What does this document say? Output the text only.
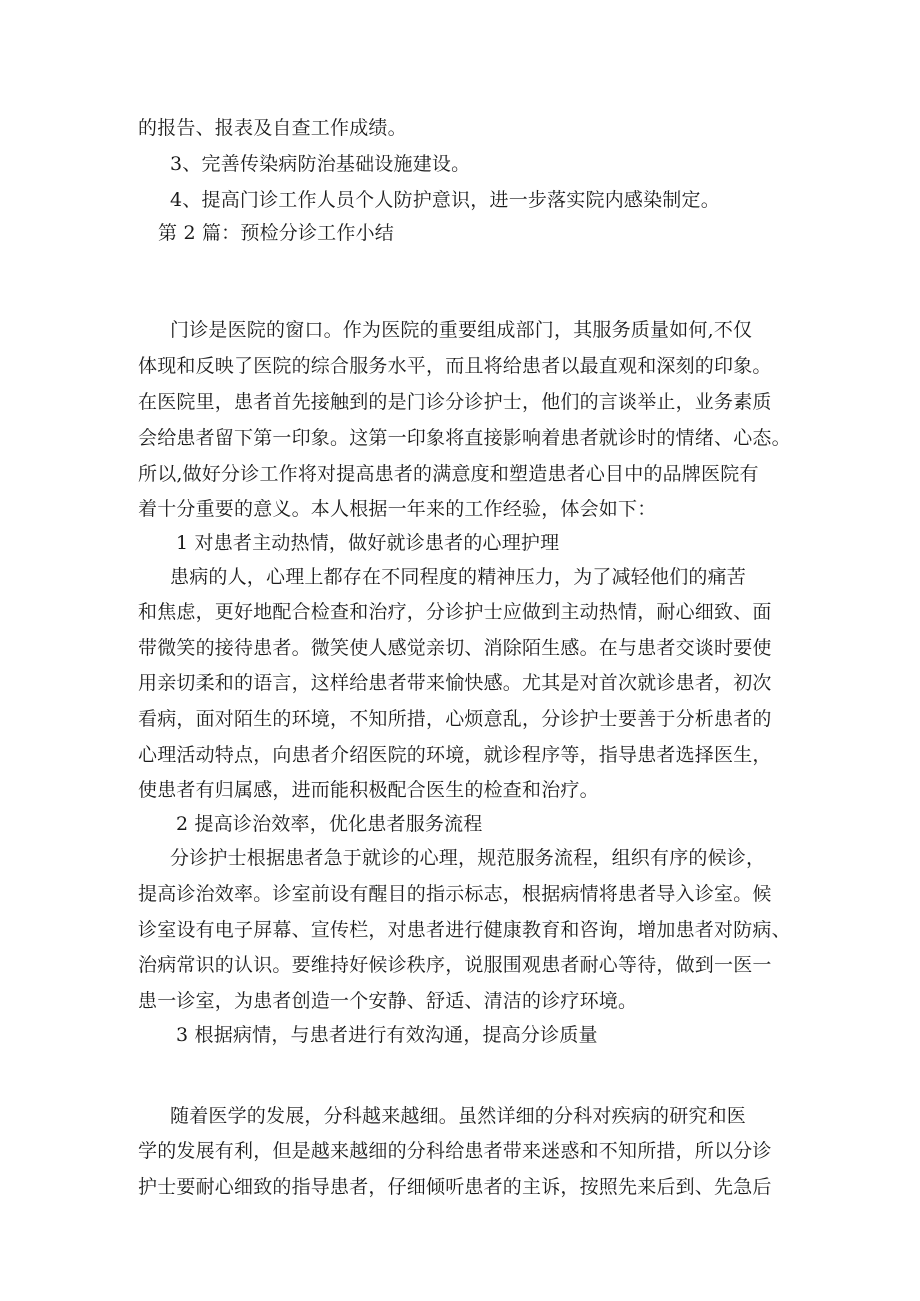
的报告、报表及自查工作成绩。
3、完善传染病防治基础设施建设。
4、提高门诊工作人员个人防护意识，进一步落实院内感染制定。
第 2 篇：预检分诊工作小结
门诊是医院的窗口。作为医院的重要组成部门，其服务质量如何,不仅
体现和反映了医院的综合服务水平，而且将给患者以最直观和深刻的印象。
在医院里，患者首先接触到的是门诊分诊护士，他们的言谈举止，业务素质
会给患者留下第一印象。这第一印象将直接影响着患者就诊时的情绪、心态。
所以,做好分诊工作将对提高患者的满意度和塑造患者心目中的品牌医院有
着十分重要的意义。本人根据一年来的工作经验，体会如下：
1 对患者主动热情，做好就诊患者的心理护理
患病的人，心理上都存在不同程度的精神压力，为了减轻他们的痛苦
和焦虑，更好地配合检查和治疗，分诊护士应做到主动热情，耐心细致、面
带微笑的接待患者。微笑使人感觉亲切、消除陌生感。在与患者交谈时要使
用亲切柔和的语言，这样给患者带来愉快感。尤其是对首次就诊患者，初次
看病，面对陌生的环境，不知所措，心烦意乱，分诊护士要善于分析患者的
心理活动特点，向患者介绍医院的环境，就诊程序等，指导患者选择医生，
使患者有归属感，进而能积极配合医生的检查和治疗。
2 提高诊治效率，优化患者服务流程
分诊护士根据患者急于就诊的心理，规范服务流程，组织有序的候诊，
提高诊治效率。诊室前设有醒目的指示标志，根据病情将患者导入诊室。候
诊室设有电子屏幕、宣传栏，对患者进行健康教育和咨询，增加患者对防病、
治病常识的认识。要维持好候诊秩序，说服围观患者耐心等待，做到一医一
患一诊室，为患者创造一个安静、舒适、清洁的诊疗环境。
3 根据病情，与患者进行有效沟通，提高分诊质量
随着医学的发展，分科越来越细。虽然详细的分科对疾病的研究和医
学的发展有利，但是越来越细的分科给患者带来迷惑和不知所措，所以分诊
护士要耐心细致的指导患者，仔细倾听患者的主诉，按照先来后到、先急后
